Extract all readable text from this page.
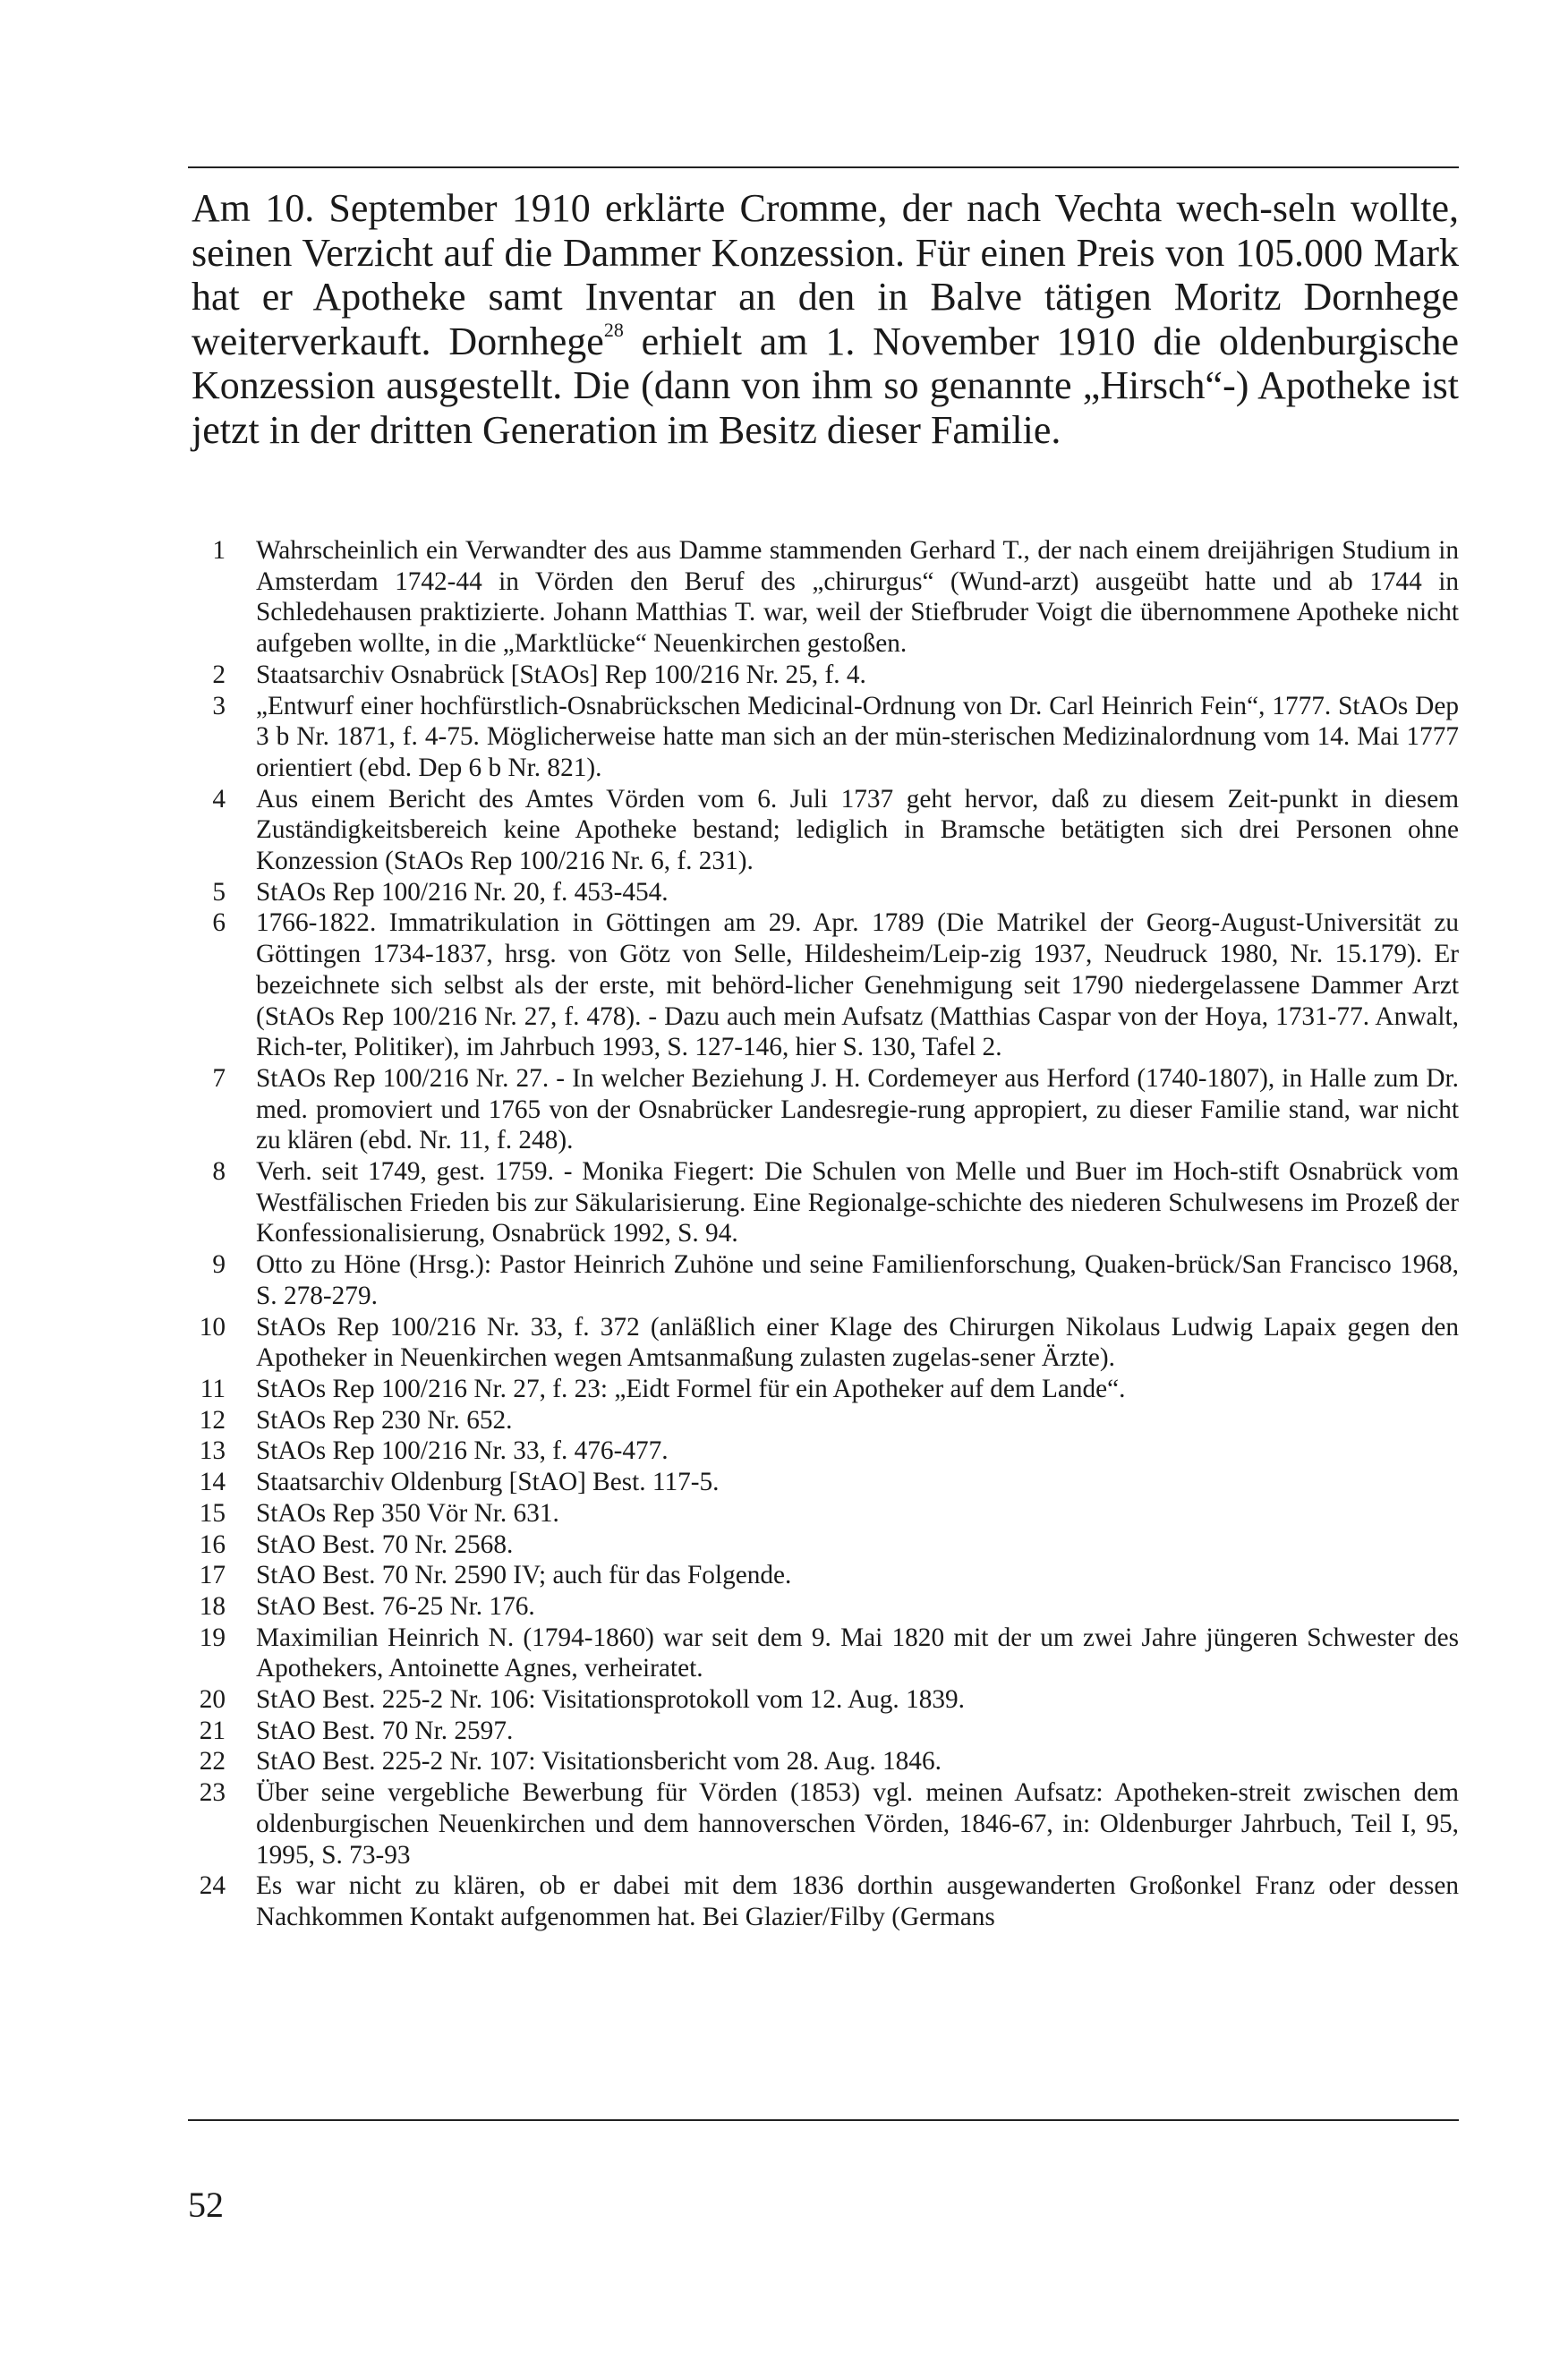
Am 10. September 1910 erklärte Cromme, der nach Vechta wech-seln wollte, seinen Verzicht auf die Dammer Konzession. Für einen Preis von 105.000 Mark hat er Apotheke samt Inventar an den in Balve tätigen Moritz Dornhege weiterverkauft. Dornhege$^{28}$ erhielt am 1. November 1910 die oldenburgische Konzession ausgestellt. Die (dann von ihm so genannte „Hirsch“-) Apotheke ist jetzt in der dritten Generation im Besitz dieser Familie.

1	Wahrscheinlich ein Verwandter des aus Damme stammenden Gerhard T., der nach einem dreijährigen Studium in Amsterdam 1742-44 in Vörden den Beruf des „chirurgus“ (Wund-arzt) ausgeübt hatte und ab 1744 in Schledehausen praktizierte. Johann Matthias T. war, weil der Stiefbruder Voigt die übernommene Apotheke nicht aufgeben wollte, in die „Marktlücke“ Neuenkirchen gestoßen.
2	Staatsarchiv Osnabrück [StAOs] Rep 100/216 Nr. 25, f. 4.
3	„Entwurf einer hochfürstlich-Osnabrückschen Medicinal-Ordnung von Dr. Carl Heinrich Fein“, 1777. StAOs Dep 3 b Nr. 1871, f. 4-75. Möglicherweise hatte man sich an der mün-sterischen Medizinalordnung vom 14. Mai 1777 orientiert (ebd. Dep 6 b Nr. 821).
4	Aus einem Bericht des Amtes Vörden vom 6. Juli 1737 geht hervor, daß zu diesem Zeit-punkt in diesem Zuständigkeitsbereich keine Apotheke bestand; lediglich in Bramsche betätigten sich drei Personen ohne Konzession (StAOs Rep 100/216 Nr. 6, f. 231).
5	StAOs Rep 100/216 Nr. 20, f. 453-454.
6	1766-1822. Immatrikulation in Göttingen am 29. Apr. 1789 (Die Matrikel der Georg-August-Universität zu Göttingen 1734-1837, hrsg. von Götz von Selle, Hildesheim/Leip-zig 1937, Neudruck 1980, Nr. 15.179). Er bezeichnete sich selbst als der erste, mit behörd-licher Genehmigung seit 1790 niedergelassene Dammer Arzt (StAOs Rep 100/216 Nr. 27, f. 478). - Dazu auch mein Aufsatz (Matthias Caspar von der Hoya, 1731-77. Anwalt, Rich-ter, Politiker), im Jahrbuch 1993, S. 127-146, hier S. 130, Tafel 2.
7	StAOs Rep 100/216 Nr. 27. - In welcher Beziehung J. H. Cordemeyer aus Herford (1740-1807), in Halle zum Dr. med. promoviert und 1765 von der Osnabrücker Landesregie-rung appropiert, zu dieser Familie stand, war nicht zu klären (ebd. Nr. 11, f. 248).
8	Verh. seit 1749, gest. 1759. - Monika Fiegert: Die Schulen von Melle und Buer im Hoch-stift Osnabrück vom Westfälischen Frieden bis zur Säkularisierung. Eine Regionalge-schichte des niederen Schulwesens im Prozeß der Konfessionalisierung, Osnabrück 1992, S. 94.
9	Otto zu Höne (Hrsg.): Pastor Heinrich Zuhöne und seine Familienforschung, Quaken-brück/San Francisco 1968, S. 278-279.
10	StAOs Rep 100/216 Nr. 33, f. 372 (anläßlich einer Klage des Chirurgen Nikolaus Ludwig Lapaix gegen den Apotheker in Neuenkirchen wegen Amtsanmaßung zulasten zugelas-sener Ärzte).
11	StAOs Rep 100/216 Nr. 27, f. 23: „Eidt Formel für ein Apotheker auf dem Lande“.
12	StAOs Rep 230 Nr. 652.
13	StAOs Rep 100/216 Nr. 33, f. 476-477.
14	Staatsarchiv Oldenburg [StAO] Best. 117-5.
15	StAOs Rep 350 Vör Nr. 631.
16	StAO Best. 70 Nr. 2568.
17	StAO Best. 70 Nr. 2590 IV; auch für das Folgende.
18	StAO Best. 76-25 Nr. 176.
19	Maximilian Heinrich N. (1794-1860) war seit dem 9. Mai 1820 mit der um zwei Jahre jüngeren Schwester des Apothekers, Antoinette Agnes, verheiratet.
20	StAO Best. 225-2 Nr. 106: Visitationsprotokoll vom 12. Aug. 1839.
21	StAO Best. 70 Nr. 2597.
22	StAO Best. 225-2 Nr. 107: Visitationsbericht vom 28. Aug. 1846.
23	Über seine vergebliche Bewerbung für Vörden (1853) vgl. meinen Aufsatz: Apotheken-streit zwischen dem oldenburgischen Neuenkirchen und dem hannoverschen Vörden, 1846-67, in: Oldenburger Jahrbuch, Teil I, 95, 1995, S. 73-93
24	Es war nicht zu klären, ob er dabei mit dem 1836 dorthin ausgewanderten Großonkel Franz oder dessen Nachkommen Kontakt aufgenommen hat. Bei Glazier/Filby (Germans
52
